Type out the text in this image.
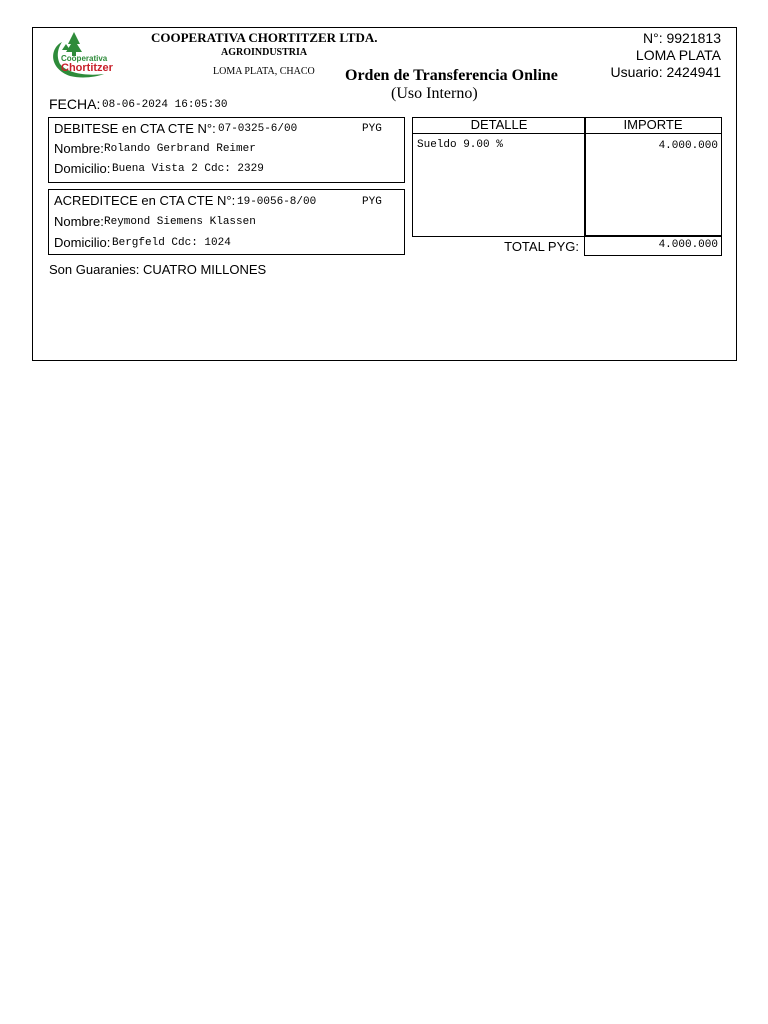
Cooperativa
Chortitzer
COOPERATIVA CHORTITZER LTDA.
AGROINDUSTRIA
LOMA PLATA, CHACO Orden de Transferencia Online
(Uso Interno)
N°: 9921813
LOMA PLATA
Usuario: 2424941
FECHA: 08-06-2024 16:05:30
DEBITESE en CTA CTE N°: 07-0325-6/00	PYG
Nombre: Rolando Gerbrand Reimer
Domicilio: Buena Vista 2 Cdc: 2329
ACREDITECE en CTA CTE N°: 19-0056-8/00	PYG
Nombre: Reymond Siemens Klassen
Domicilio: Bergfeld Cdc: 1024
DETALLE	IMPORTE
Sueldo 9.00 %	4.000.000
TOTAL PYG:	4.000.000
Son Guaranies: CUATRO MILLONES
